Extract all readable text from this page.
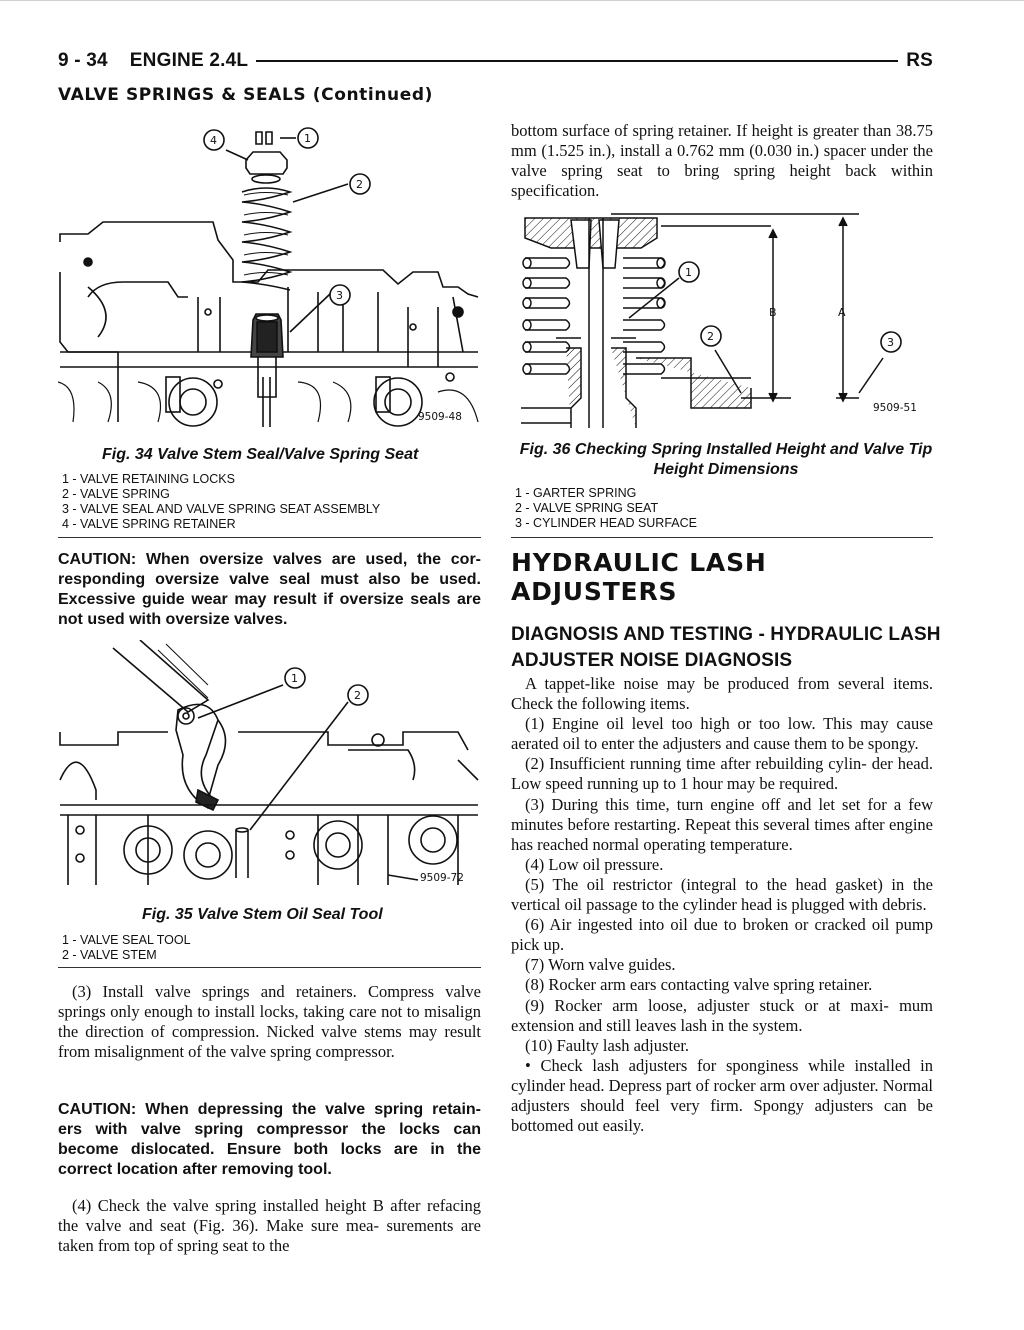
9 - 34 ENGINE 2.4L	RS
VALVE SPRINGS & SEALS (Continued)
4	1
2
3
9509-48
Fig. 34 Valve Stem Seal/Valve Spring Seat
1 - VALVE RETAINING LOCKS
2 - VALVE SPRING
3 - VALVE SEAL AND VALVE SPRING SEAT ASSEMBLY
4 - VALVE SPRING RETAINER

CAUTION: When oversize valves are used, the cor- responding oversize valve seal must also be used. Excessive guide wear may result if oversize seals are not used with oversize valves.

1
2
9509-72
Fig. 35 Valve Stem Oil Seal Tool
1 - VALVE SEAL TOOL
2 - VALVE STEM

(3) Install valve springs and retainers. Compress valve springs only enough to install locks, taking care not to misalign the direction of compression. Nicked valve stems may result from misalignment of the valve spring compressor.

CAUTION: When depressing the valve spring retain- ers with valve spring compressor the locks can become dislocated. Ensure both locks are in the correct location after removing tool.

(4) Check the valve spring installed height B after refacing the valve and seat (Fig. 36). Make sure mea- surements are taken from top of spring seat to the

bottom surface of spring retainer. If height is greater than 38.75 mm (1.525 in.), install a 0.762 mm (0.030 in.) spacer under the valve spring seat to bring spring height back within specification.

1
2	3
B	A
9509-51
Fig. 36 Checking Spring Installed Height and Valve Tip Height Dimensions
1 - GARTER SPRING
2 - VALVE SPRING SEAT
3 - CYLINDER HEAD SURFACE
HYDRAULIC LASH
ADJUSTERS
DIAGNOSIS AND TESTING - HYDRAULIC LASH ADJUSTER NOISE DIAGNOSIS

A tappet-like noise may be produced from several items. Check the following items.

(1) Engine oil level too high or too low. This may cause aerated oil to enter the adjusters and cause them to be spongy.

(2) Insufficient running time after rebuilding cylin- der head. Low speed running up to 1 hour may be required.

(3) During this time, turn engine off and let set for a few minutes before restarting. Repeat this several times after engine has reached normal operating temperature.

(4) Low oil pressure.

(5) The oil restrictor (integral to the head gasket) in the vertical oil passage to the cylinder head is plugged with debris.

(6) Air ingested into oil due to broken or cracked oil pump pick up.

(7) Worn valve guides.

(8) Rocker arm ears contacting valve spring retainer.

(9) Rocker arm loose, adjuster stuck or at maxi- mum extension and still leaves lash in the system.

(10) Faulty lash adjuster.

• Check lash adjusters for sponginess while installed in cylinder head. Depress part of rocker arm over adjuster. Normal adjusters should feel very firm. Spongy adjusters can be bottomed out easily.
